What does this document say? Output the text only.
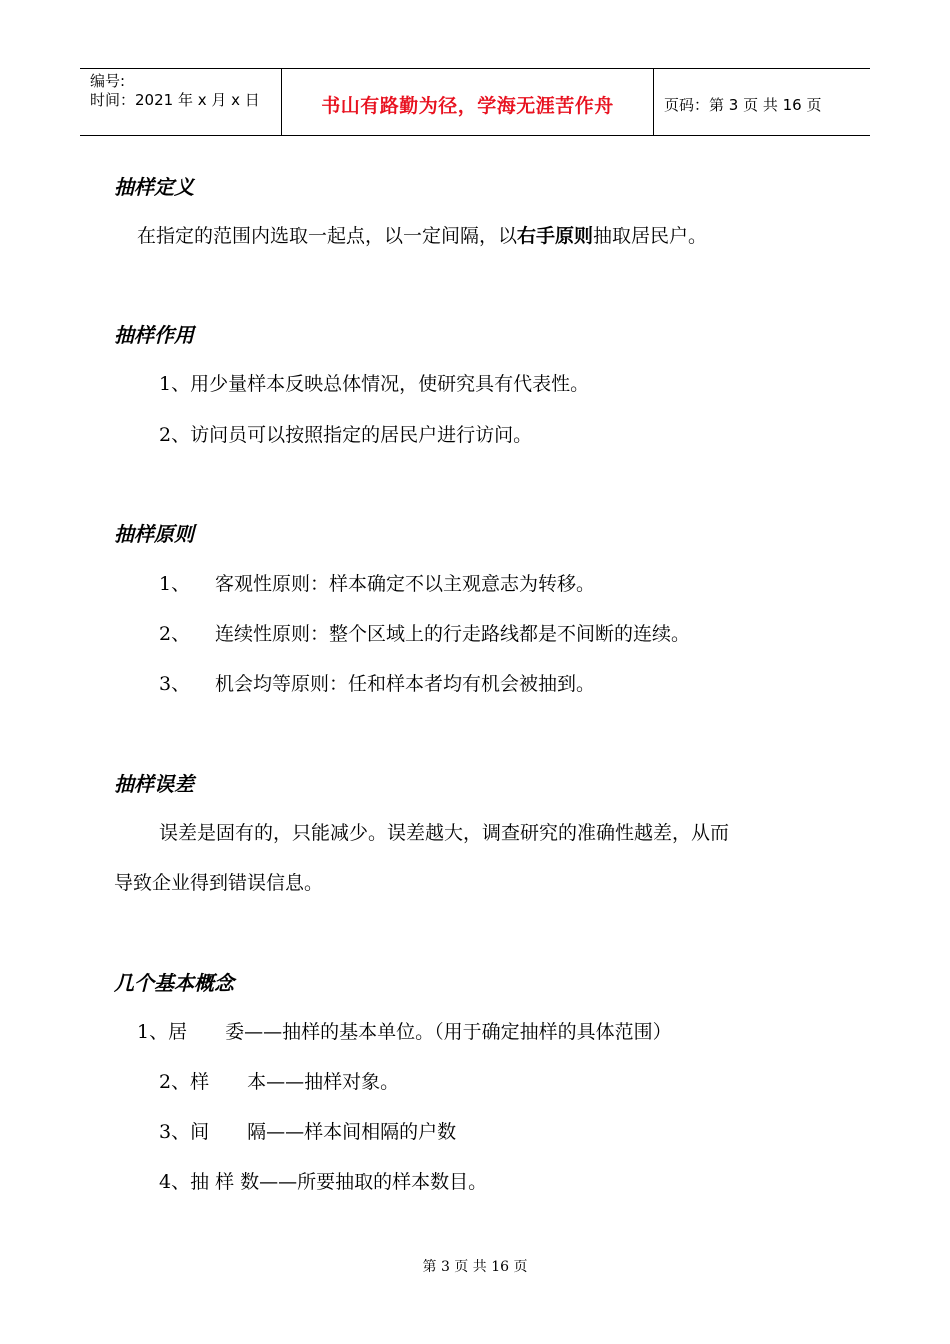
编号:
时间：2021 年 x 月 x 日	书山有路勤为径，学海无涯苦作舟	页码：第 3 页 共 16 页
抽样定义
在指定的范围内选取一起点，以一定间隔，以右手原则抽取居民户。
抽样作用
1、用少量样本反映总体情况，使研究具有代表性。
2、访问员可以按照指定的居民户进行访问。
抽样原则
1、 客观性原则：样本确定不以主观意志为转移。
2、 连续性原则：整个区域上的行走路线都是不间断的连续。
3、 机会均等原则：任和样本者均有机会被抽到。
抽样误差
误差是固有的，只能减少。误差越大，调查研究的准确性越差，从而
导致企业得到错误信息。
几个基本概念
1、居　　委——抽样的基本单位。（用于确定抽样的具体范围）
2、样　　本——抽样对象。
3、间　　隔——样本间相隔的户数
4、抽 样 数——所要抽取的样本数目。
第 3 页 共 16 页
